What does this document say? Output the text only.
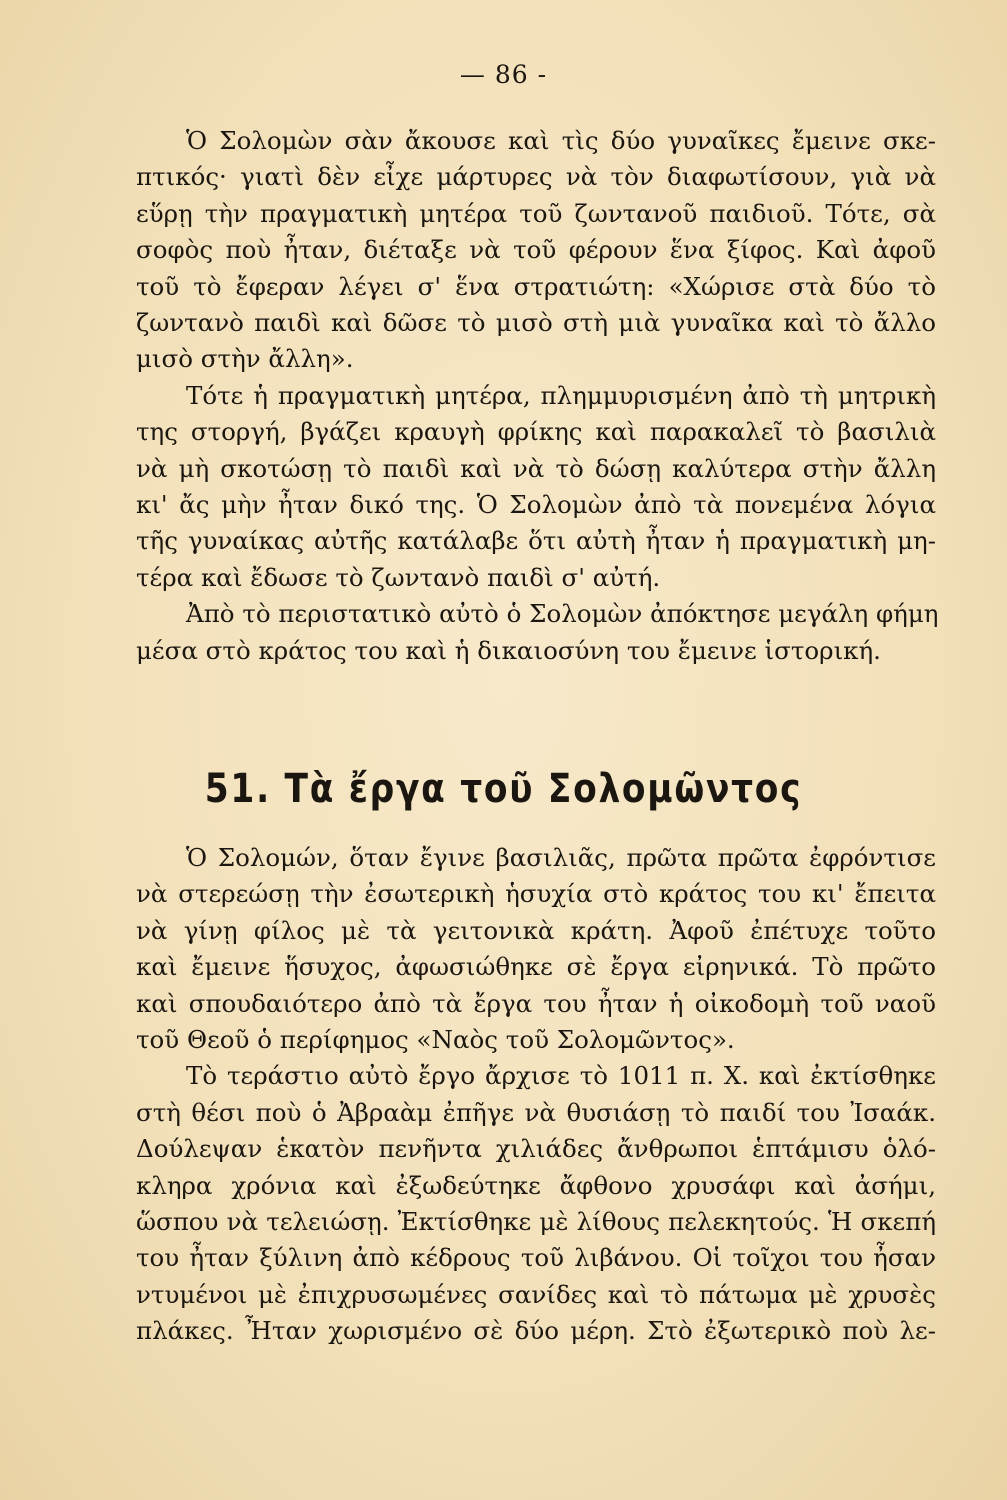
— 86 -

Ὁ Σολομὼν σὰν ἄκουσε καὶ τὶς δύο γυναῖκες ἔμεινε σκε-
πτικός· γιατὶ δὲν εἶχε μάρτυρες νὰ τὸν διαφωτίσουν, γιὰ νὰ
εὕρῃ τὴν πραγματικὴ μητέρα τοῦ ζωντανοῦ παιδιοῦ. Τότε, σὰ
σοφὸς ποὺ ἦταν, διέταξε νὰ τοῦ φέρουν ἕνα ξίφος. Καὶ ἀφοῦ
τοῦ τὸ ἔφεραν λέγει σ' ἕνα στρατιώτη: «Χώρισε στὰ δύο τὸ
ζωντανὸ παιδὶ καὶ δῶσε τὸ μισὸ στὴ μιὰ γυναῖκα καὶ τὸ ἄλλο
μισὸ στὴν ἄλλη».

Τότε ἡ πραγματικὴ μητέρα, πλημμυρισμένη ἀπὸ τὴ μητρικὴ
της στοργή, βγάζει κραυγὴ φρίκης καὶ παρακαλεῖ τὸ βασιλιὰ
νὰ μὴ σκοτώσῃ τὸ παιδὶ καὶ νὰ τὸ δώσῃ καλύτερα στὴν ἄλλη
κι' ἄς μὴν ἦταν δικό της. Ὁ Σολομὼν ἀπὸ τὰ πονεμένα λόγια
τῆς γυναίκας αὐτῆς κατάλαβε ὅτι αὐτὴ ἦταν ἡ πραγματικὴ μη-
τέρα καὶ ἔδωσε τὸ ζωντανὸ παιδὶ σ' αὐτή.

Ἀπὸ τὸ περιστατικὸ αὐτὸ ὁ Σολομὼν ἀπόκτησε μεγάλη φήμη
μέσα στὸ κράτος του καὶ ἡ δικαιοσύνη του ἔμεινε ἱστορική.

51. Τὰ ἔργα τοῦ Σολομῶντος

Ὁ Σολομών, ὅταν ἔγινε βασιλιᾶς, πρῶτα πρῶτα ἐφρόντισε
νὰ στερεώσῃ τὴν ἐσωτερικὴ ἡσυχία στὸ κράτος του κι' ἔπειτα
νὰ γίνῃ φίλος μὲ τὰ γειτονικὰ κράτη. Ἀφοῦ ἐπέτυχε τοῦτο
καὶ ἔμεινε ἥσυχος, ἀφωσιώθηκε σὲ ἔργα εἰρηνικά. Τὸ πρῶτο
καὶ σπουδαιότερο ἀπὸ τὰ ἔργα του ἦταν ἡ οἰκοδομὴ τοῦ ναοῦ
τοῦ Θεοῦ ὁ περίφημος «Ναὸς τοῦ Σολομῶντος».

Τὸ τεράστιο αὐτὸ ἔργο ἄρχισε τὸ 1011 π. Χ. καὶ ἐκτίσθηκε
στὴ θέσι ποὺ ὁ Ἀβραὰμ ἐπῆγε νὰ θυσιάσῃ τὸ παιδί του Ἰσαάκ.
Δούλεψαν ἑκατὸν πενῆντα χιλιάδες ἄνθρωποι ἑπτάμισυ ὁλό-
κληρα χρόνια καὶ ἐξωδεύτηκε ἄφθονο χρυσάφι καὶ ἀσήμι,
ὥσπου νὰ τελειώσῃ. Ἐκτίσθηκε μὲ λίθους πελεκητούς. Ἡ σκεπή
του ἦταν ξύλινη ἀπὸ κέδρους τοῦ λιβάνου. Οἱ τοῖχοι του ἦσαν
ντυμένοι μὲ ἐπιχρυσωμένες σανίδες καὶ τὸ πάτωμα μὲ χρυσὲς
πλάκες. Ἦταν χωρισμένο σὲ δύο μέρη. Στὸ ἐξωτερικὸ ποὺ λε-
